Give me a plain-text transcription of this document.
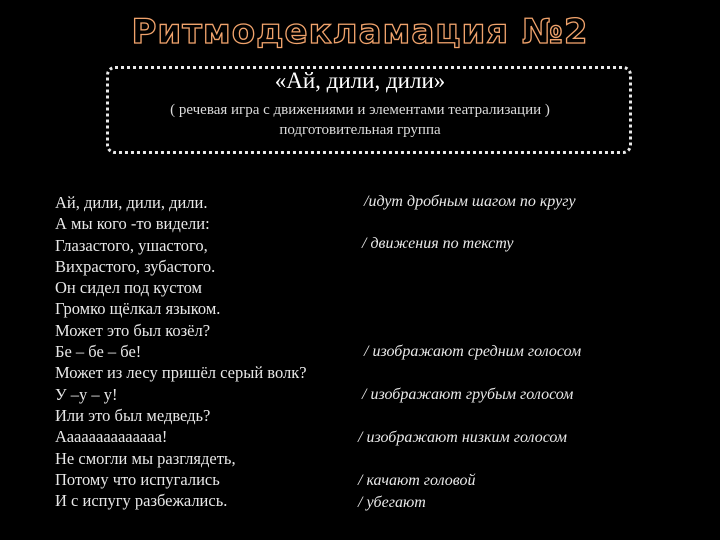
Ритмодекламация №2
«Ай, дили, дили»
( речевая игра с движениями и элементами театрализации )
подготовительная группа
Ай, дили, дили, дили.
А мы кого -то видели:
Глазастого, ушастого,
Вихрастого, зубастого.
Он сидел под кустом
Громко щёлкал языком.
Может это был козёл?
Бе – бе – бе!
Может из лесу пришёл серый волк?
У –у – у!
Или это был медведь?
Аааааааааааааа!
Не смогли мы разглядеть,
Потому что испугались
И с испугу разбежались.
/идут дробным шагом по кругу
/ движения по тексту
/ изображают средним голосом
/ изображают грубым голосом
/ изображают низким голосом
/ качают головой
/ убегают
